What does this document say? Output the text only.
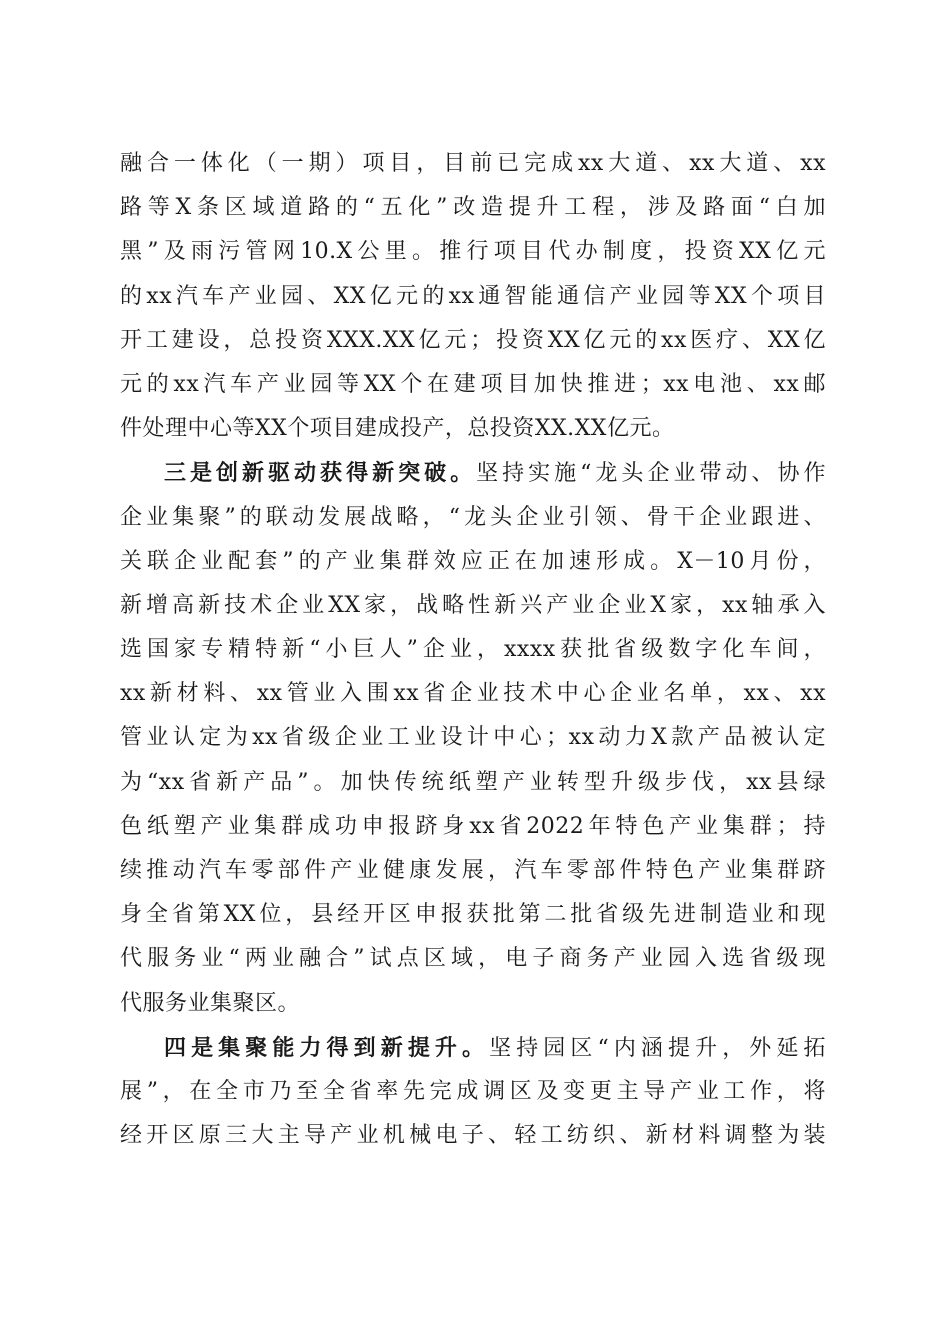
融合一体化（一期）项目，目前已完成xx大道、xx大道、xx
路等X条区域道路的“五化”改造提升工程，涉及路面“白加
黑”及雨污管网10.X公里。推行项目代办制度，投资XX亿元
的xx汽车产业园、XX亿元的xx通智能通信产业园等XX个项目
开工建设，总投资XXX.XX亿元；投资XX亿元的xx医疗、XX亿
元的xx汽车产业园等XX个在建项目加快推进；xx电池、xx邮
件处理中心等XX个项目建成投产，总投资XX.XX亿元。
三是创新驱动获得新突破。坚持实施“龙头企业带动、协作
企业集聚”的联动发展战略，“龙头企业引领、骨干企业跟进、
关联企业配套”的产业集群效应正在加速形成。X－10月份，
新增高新技术企业XX家，战略性新兴产业企业X家，xx轴承入
选国家专精特新“小巨人”企业，xxxx获批省级数字化车间，
xx新材料、xx管业入围xx省企业技术中心企业名单，xx、xx
管业认定为xx省级企业工业设计中心；xx动力X款产品被认定
为“xx省新产品”。加快传统纸塑产业转型升级步伐，xx县绿
色纸塑产业集群成功申报跻身xx省2022年特色产业集群；持
续推动汽车零部件产业健康发展，汽车零部件特色产业集群跻
身全省第XX位，县经开区申报获批第二批省级先进制造业和现
代服务业“两业融合”试点区域，电子商务产业园入选省级现
代服务业集聚区。
四是集聚能力得到新提升。坚持园区“内涵提升，外延拓
展”，在全市乃至全省率先完成调区及变更主导产业工作，将
经开区原三大主导产业机械电子、轻工纺织、新材料调整为装
